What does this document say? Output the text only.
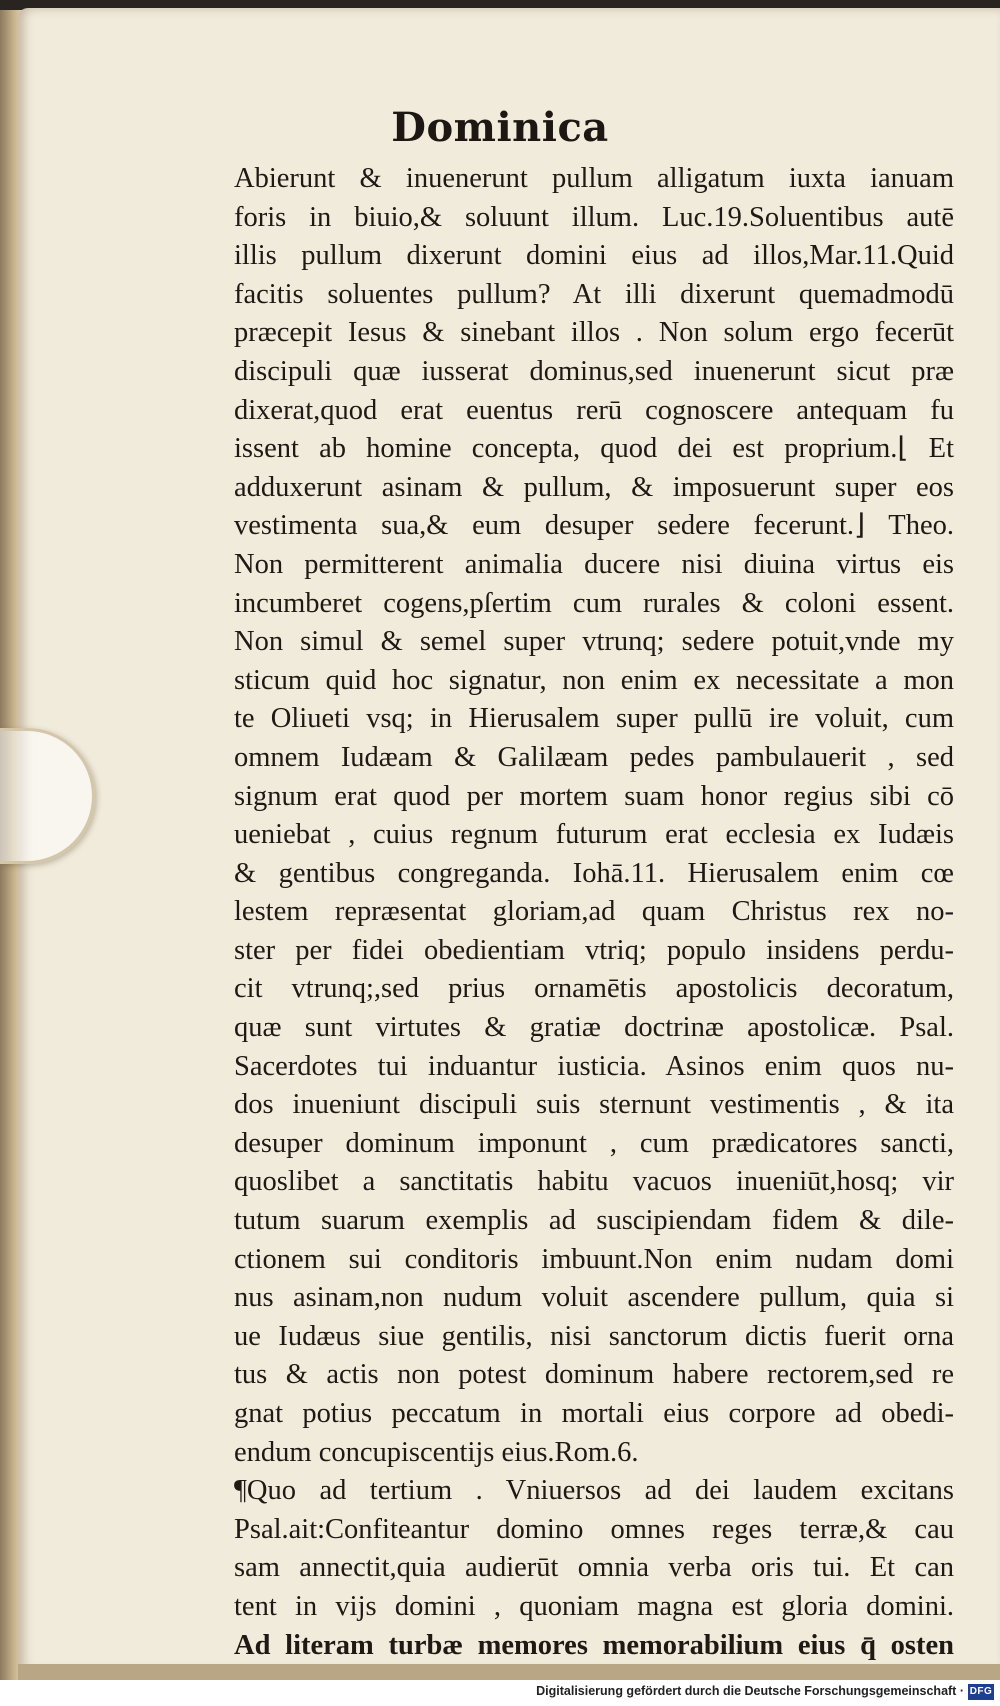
Dominica
Abierunt & inuenerunt pullum alligatum iuxta ianuam
foris in biuio,& soluunt illum. Luc.19.Soluentibus autē
illis pullum dixerunt domini eius ad illos,Mar.11.Quid
facitis soluentes pullum? At illi dixerunt quemadmodū
præcepit Iesus & sinebant illos . Non solum ergo fecerūt
discipuli quæ iusserat dominus,sed inuenerunt sicut præ
dixerat,quod erat euentus rerū cognoscere antequam fu
issent ab homine concepta, quod dei est proprium.⌊ Et
adduxerunt asinam & pullum, & imposuerunt super eos
vestimenta sua,& eum desuper sedere fecerunt.⌋ Theo.
Non permitterent animalia ducere nisi diuina virtus eis
incumberet cogens,pſertim cum rurales & coloni essent.
Non simul & semel super vtrunq; sedere potuit,vnde my
sticum quid hoc signatur, non enim ex necessitate a mon
te Oliueti vsq; in Hierusalem super pullū ire voluit, cum
omnem Iudæam & Galilæam pedes pambulauerit , sed
signum erat quod per mortem suam honor regius sibi cō
ueniebat , cuius regnum futurum erat ecclesia ex Iudæis
& gentibus congreganda. Iohā.11. Hierusalem enim cœ
lestem repræsentat gloriam,ad quam Christus rex no-
ster per fidei obedientiam vtriq; populo insidens perdu-
cit vtrunq;,sed prius ornamētis apostolicis decoratum,
quæ sunt virtutes & gratiæ doctrinæ apostolicæ. Psal.
Sacerdotes tui induantur iusticia. Asinos enim quos nu-
dos inueniunt discipuli suis sternunt vestimentis , & ita
desuper dominum imponunt , cum prædicatores sancti,
quoslibet a sanctitatis habitu vacuos inueniūt,hosq; vir
tutum suarum exemplis ad suscipiendam fidem & dile-
ctionem sui conditoris imbuunt.Non enim nudam domi
nus asinam,non nudum voluit ascendere pullum, quia si
ue Iudæus siue gentilis, nisi sanctorum dictis fuerit orna
tus & actis non potest dominum habere rectorem,sed re
gnat potius peccatum in mortali eius corpore ad obedi-
endum concupiscentijs eius.Rom.6.
¶Quo ad tertium . Vniuersos ad dei laudem excitans
Psal.ait:Confiteantur domino omnes reges terræ,& cau
sam annectit,quia audierūt omnia verba oris tui. Et can
tent in vijs domini , quoniam magna est gloria domini.
Ad literam turbæ memores memorabilium eius q̄ osten
Digitalisierung gefördert durch die Deutsche Forschungsgemeinschaft · DFG
